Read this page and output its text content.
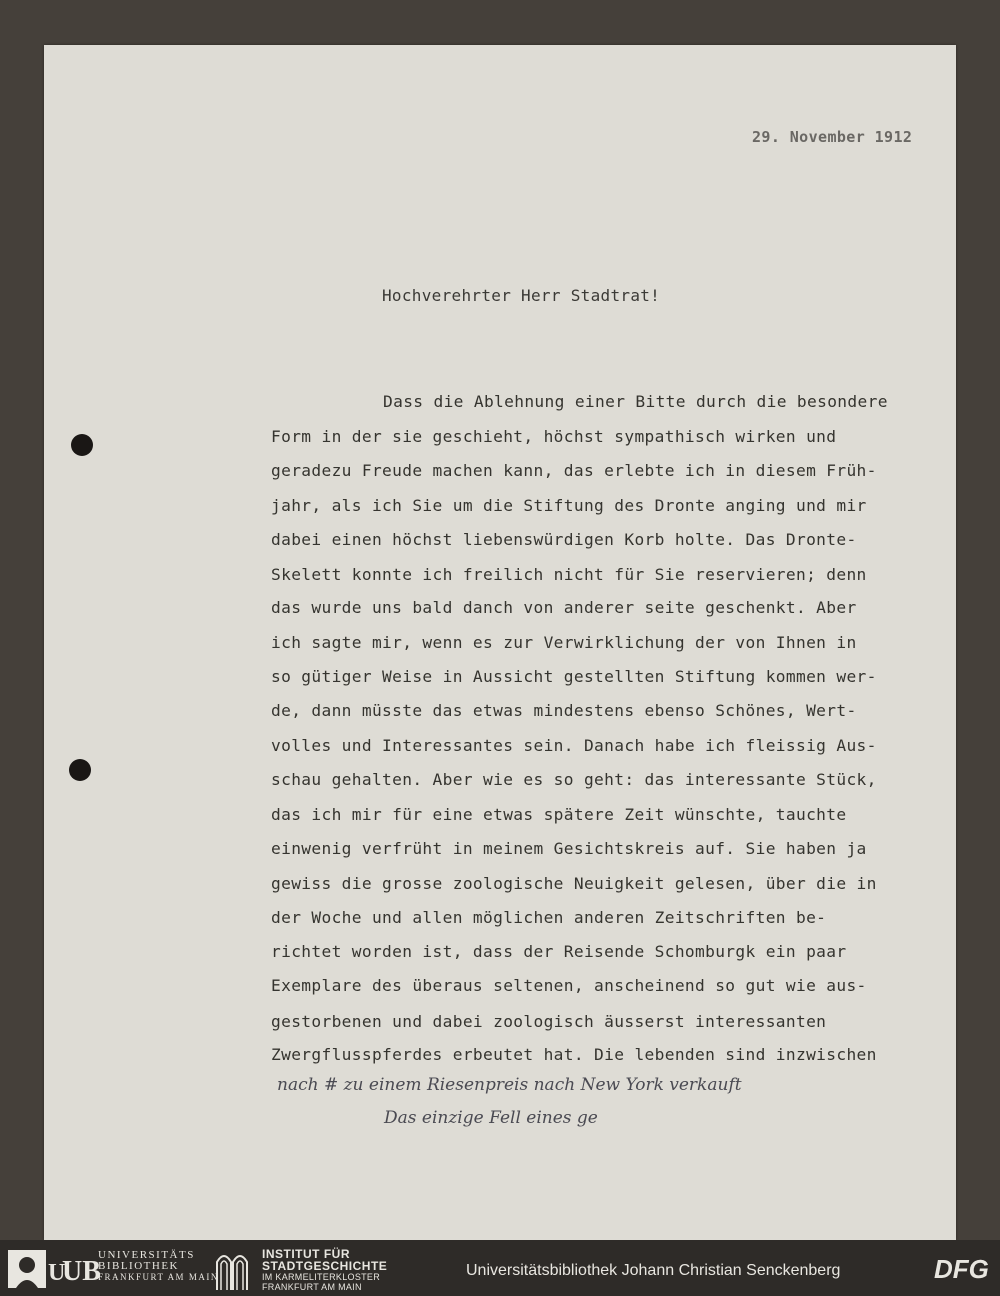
29. November 1912
Hochverehrter Herr Stadtrat!
Dass die Ablehnung einer Bitte durch die besondere
Form in der sie geschieht, höchst sympathisch wirken und
geradezu Freude machen kann, das erlebte ich in diesem Früh-
jahr, als ich Sie um die Stiftung des Dronte anging und mir
dabei einen höchst liebenswürdigen Korb holte. Das Dronte-
Skelett konnte ich freilich nicht für Sie reservieren; denn
das wurde uns bald danch von anderer seite geschenkt. Aber
ich sagte mir, wenn es zur Verwirklichung der von Ihnen in
so gütiger Weise in Aussicht gestellten Stiftung kommen wer-
de, dann müsste das etwas mindestens ebenso Schönes, Wert-
volles und Interessantes sein. Danach habe ich fleissig Aus-
schau gehalten. Aber wie es so geht: das interessante Stück,
das ich mir für eine etwas spätere Zeit wünschte, tauchte
einwenig verfrüht in meinem Gesichtskreis auf. Sie haben ja
gewiss die grosse zoologische Neuigkeit gelesen, über die in
der Woche und allen möglichen anderen Zeitschriften be-
richtet worden ist, dass der Reisende Schomburgk ein paar
Exemplare des überaus seltenen, anscheinend so gut wie aus-
gestorbenen und dabei zoologisch äusserst interessanten
Zwergflusspferdes erbeutet hat. Die lebenden sind inzwischen
nach # zu einem Riesenpreis nach New York verkauft
Das einzige Fell eines ge
U
UB
UNIVERSITÄTS
BIBLIOTHEK
FRANKFURT AM MAIN
INSTITUT FÜR
STADTGESCHICHTE
IM KARMELITERKLOSTER
FRANKFURT AM MAIN
Universitätsbibliothek Johann Christian Senckenberg	DFG
